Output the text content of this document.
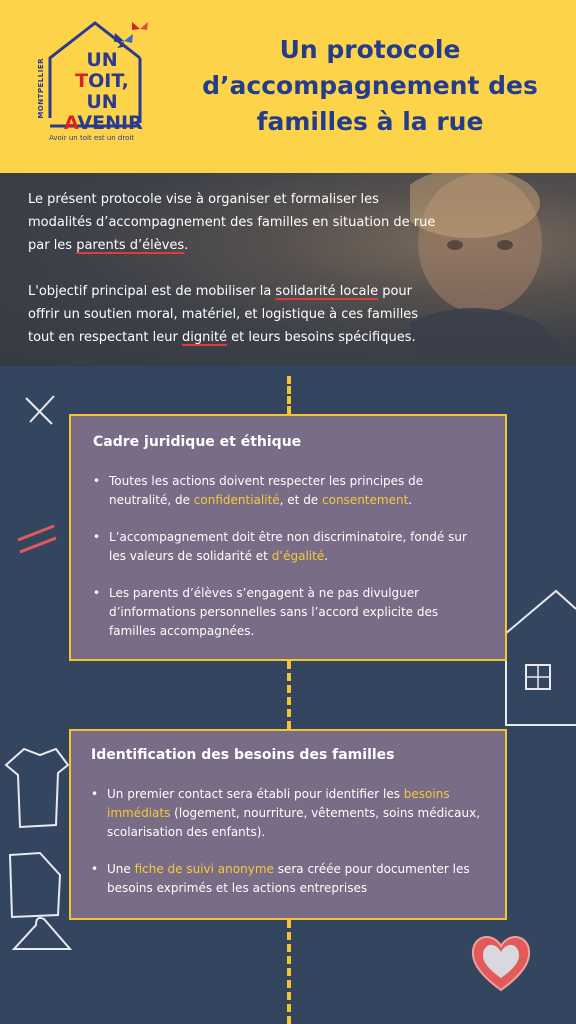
UN
TOIT,
UN
AVENIR
MONTPELLIER
Avoir un toit est un droit
Un protocole d’accompagnement des familles à la rue

Le présent protocole vise à organiser et formaliser les modalités d’accompagnement des familles en situation de rue par les parents d’élèves.

L'objectif principal est de mobiliser la solidarité locale pour offrir un soutien moral, matériel, et logistique à ces familles tout en respectant leur dignité et leurs besoins spécifiques.

Cadre juridique et éthique
• Toutes les actions doivent respecter les principes de neutralité, de confidentialité, et de consentement.
• L’accompagnement doit être non discriminatoire, fondé sur les valeurs de solidarité et d’égalité.
• Les parents d’élèves s’engagent à ne pas divulguer d’informations personnelles sans l’accord explicite des familles accompagnées.
Identification des besoins des familles
• Un premier contact sera établi pour identifier les besoins immédiats (logement, nourriture, vêtements, soins médicaux, scolarisation des enfants).
• Une fiche de suivi anonyme sera créée pour documenter les besoins exprimés et les actions entreprises
